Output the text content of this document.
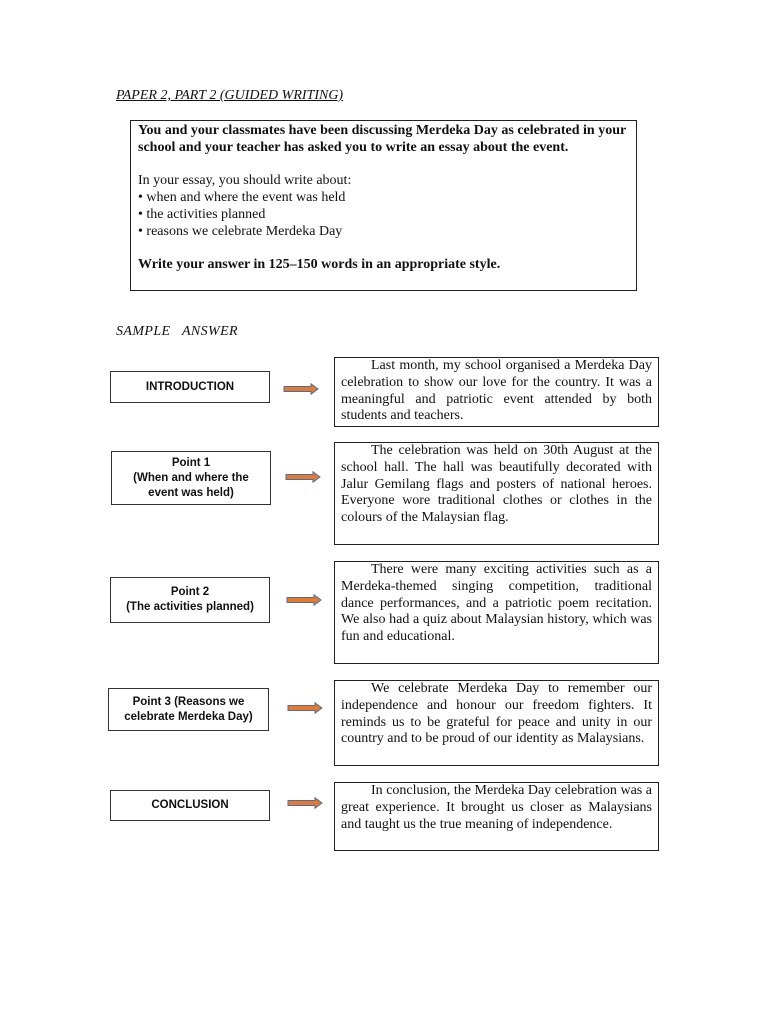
PAPER 2, PART 2 (GUIDED WRITING)

You and your classmates have been discussing Merdeka Day as celebrated in your school and your teacher has asked you to write an essay about the event.

In your essay, you should write about:

• when and where the event was held

• the activities planned

• reasons we celebrate Merdeka Day

Write your answer in 125–150 words in an appropriate style.

SAMPLE   ANSWER
INTRODUCTION
Last month, my school organised a Merdeka Day celebration to show our love for the country. It was a meaningful and patriotic event attended by both students and teachers.
Point 1
(When and where the
event was held)
The celebration was held on 30th August at the school hall. The hall was beautifully decorated with Jalur Gemilang flags and posters of national heroes. Everyone wore traditional clothes or clothes in the colours of the Malaysian flag.
Point 2
(The activities planned)
There were many exciting activities such as a Merdeka-themed singing competition, traditional dance performances, and a patriotic poem recitation. We also had a quiz about Malaysian history, which was fun and educational.
Point 3 (Reasons we
celebrate Merdeka Day)
We celebrate Merdeka Day to remember our independence and honour our freedom fighters. It reminds us to be grateful for peace and unity in our country and to be proud of our identity as Malaysians.
CONCLUSION
In conclusion, the Merdeka Day celebration was a great experience. It brought us closer as Malaysians and taught us the true meaning of independence.
